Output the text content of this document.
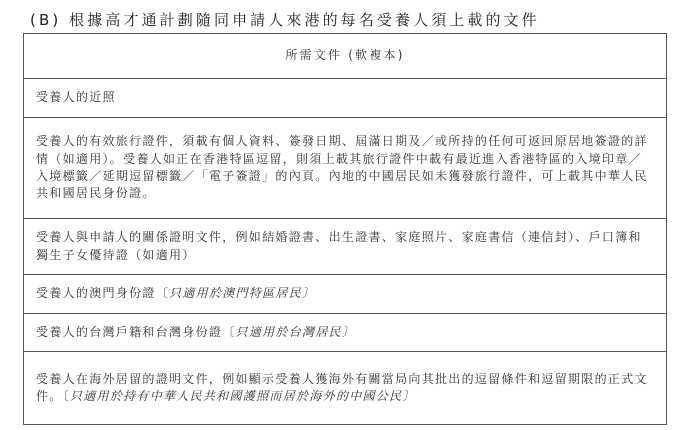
(B) 根據高才通計劃隨同申請人來港的每名受養人須上載的文件
所需文件 (軟複本)
受養人的近照
受養人的有效旅行證件，須載有個人資料、簽發日期、屆滿日期及／或所持的任何可返回原居地簽證的詳情（如適用）。受養人如正在香港特區逗留，則須上載其旅行證件中載有最近進入香港特區的入境印章／入境標籤／延期逗留標籤／「電子簽證」的內頁。內地的中國居民如未獲發旅行證件，可上載其中華人民共和國居民身份證。
受養人與申請人的關係證明文件，例如結婚證書、出生證書、家庭照片、家庭書信（連信封）、戶口簿和獨生子女優待證（如適用）
受養人的澳門身份證〔只適用於澳門特區居民〕
受養人的台灣戶籍和台灣身份證〔只適用於台灣居民〕
受養人在海外居留的證明文件，例如顯示受養人獲海外有關當局向其批出的逗留條件和逗留期限的正式文件。〔只適用於持有中華人民共和國護照而居於海外的中國公民〕
